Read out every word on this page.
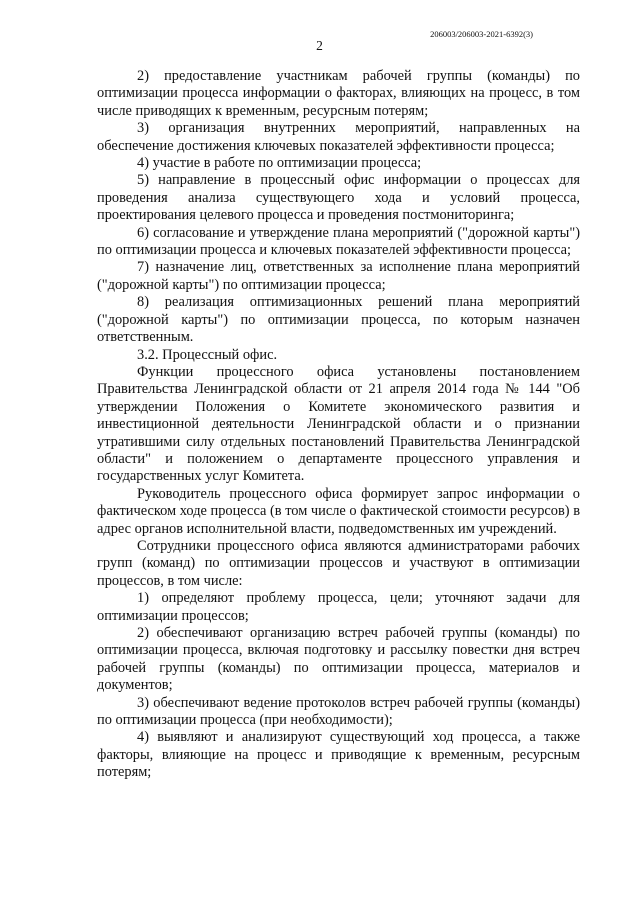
206003/206003-2021-6392(3)
2

2) предоставление участникам рабочей группы (команды) по оптимизации процесса информации о факторах, влияющих на процесс, в том числе приводящих к временным, ресурсным потерям;

3) организация внутренних мероприятий, направленных на обеспечение достижения ключевых показателей эффективности процесса;

4) участие в работе по оптимизации процесса;

5) направление в процессный офис информации о процессах для проведения анализа существующего хода и условий процесса, проектирования целевого процесса и проведения постмониторинга;

6) согласование и утверждение плана мероприятий ("дорожной карты") по оптимизации процесса и ключевых показателей эффективности процесса;

7) назначение лиц, ответственных за исполнение плана мероприятий ("дорожной карты") по оптимизации процесса;

8) реализация оптимизационных решений плана мероприятий ("дорожной карты") по оптимизации процесса, по которым назначен ответственным.

3.2. Процессный офис.

Функции процессного офиса установлены постановлением Правительства Ленинградской области от 21 апреля 2014 года № 144 "Об утверждении Положения о Комитете экономического развития и инвестиционной деятельности Ленинградской области и о признании утратившими силу отдельных постановлений Правительства Ленинградской области" и положением о департаменте процессного управления и государственных услуг Комитета.

Руководитель процессного офиса формирует запрос информации о фактическом ходе процесса (в том числе о фактической стоимости ресурсов) в адрес органов исполнительной власти, подведомственных им учреждений.

Сотрудники процессного офиса являются администраторами рабочих групп (команд) по оптимизации процессов и участвуют в оптимизации процессов, в том числе:

1) определяют проблему процесса, цели; уточняют задачи для оптимизации процессов;

2) обеспечивают организацию встреч рабочей группы (команды) по оптимизации процесса, включая подготовку и рассылку повестки дня встреч рабочей группы (команды) по оптимизации процесса, материалов и документов;

3) обеспечивают ведение протоколов встреч рабочей группы (команды) по оптимизации процесса (при необходимости);

4) выявляют и анализируют существующий ход процесса, а также факторы, влияющие на процесс и приводящие к временным, ресурсным потерям;
